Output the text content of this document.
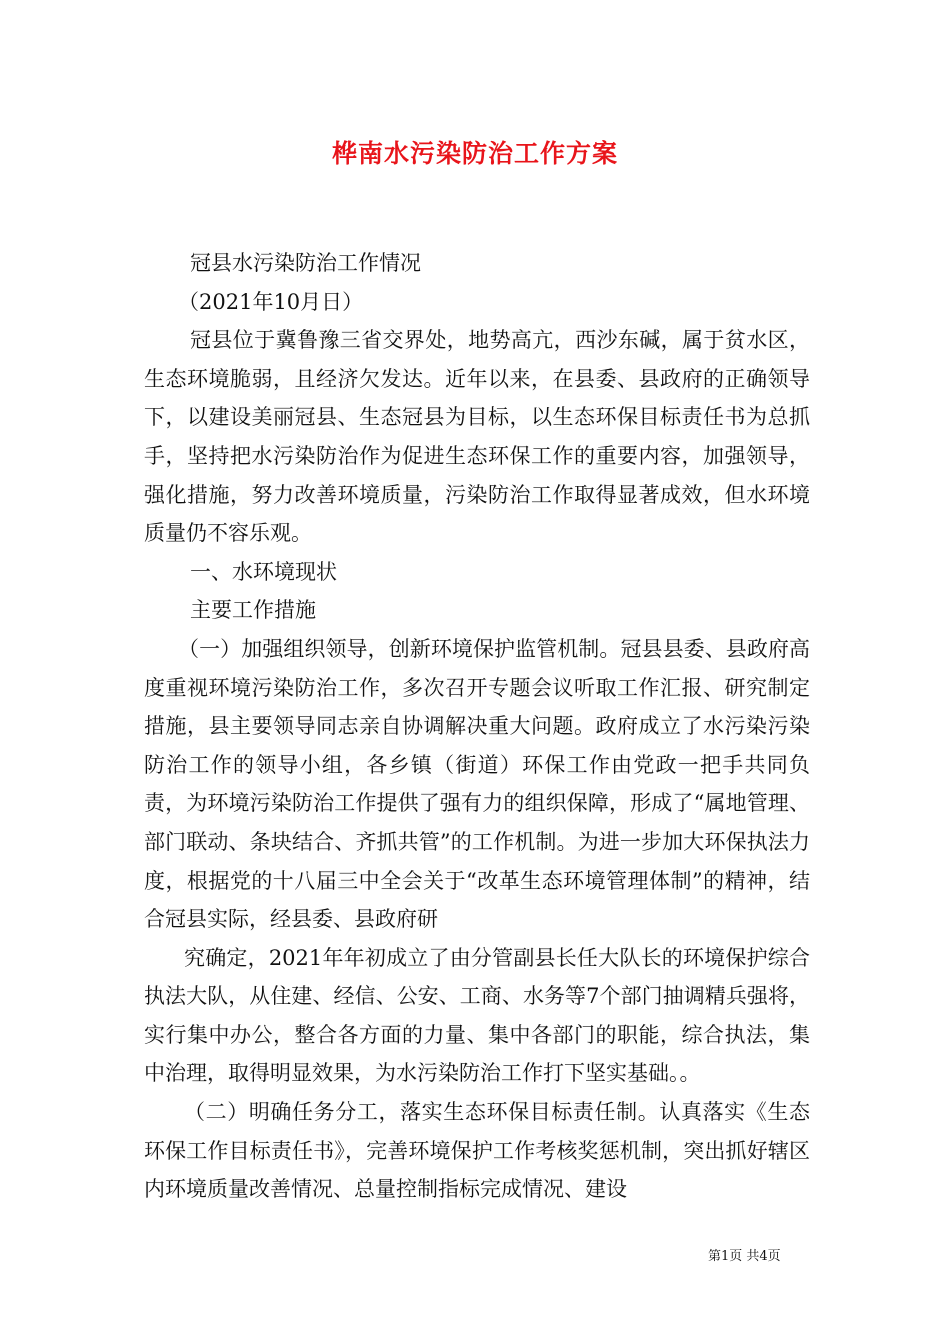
桦南水污染防治工作方案

冠县水污染防治工作情况

（2021年10月日）

冠县位于冀鲁豫三省交界处，地势高亢，西沙东碱，属于贫水区，生态环境脆弱，且经济欠发达。近年以来，在县委、县政府的正确领导下，以建设美丽冠县、生态冠县为目标，以生态环保目标责任书为总抓手，坚持把水污染防治作为促进生态环保工作的重要内容，加强领导，强化措施，努力改善环境质量，污染防治工作取得显著成效，但水环境质量仍不容乐观。

一、水环境现状

主要工作措施

（一）加强组织领导，创新环境保护监管机制。冠县县委、县政府高度重视环境污染防治工作，多次召开专题会议听取工作汇报、研究制定措施，县主要领导同志亲自协调解决重大问题。政府成立了水污染污染防治工作的领导小组，各乡镇（街道）环保工作由党政一把手共同负责，为环境污染防治工作提供了强有力的组织保障，形成了“属地管理、部门联动、条块结合、齐抓共管”的工作机制。为进一步加大环保执法力度，根据党的十八届三中全会关于“改革生态环境管理体制”的精神，结合冠县实际，经县委、县政府研

究确定，2021年年初成立了由分管副县长任大队长的环境保护综合执法大队，从住建、经信、公安、工商、水务等7个部门抽调精兵强将，实行集中办公，整合各方面的力量、集中各部门的职能，综合执法，集中治理，取得明显效果，为水污染防治工作打下坚实基础。。

（二）明确任务分工，落实生态环保目标责任制。认真落实《生态环保工作目标责任书》，完善环境保护工作考核奖惩机制，突出抓好辖区内环境质量改善情况、总量控制指标完成情况、建设

第1页 共4页
